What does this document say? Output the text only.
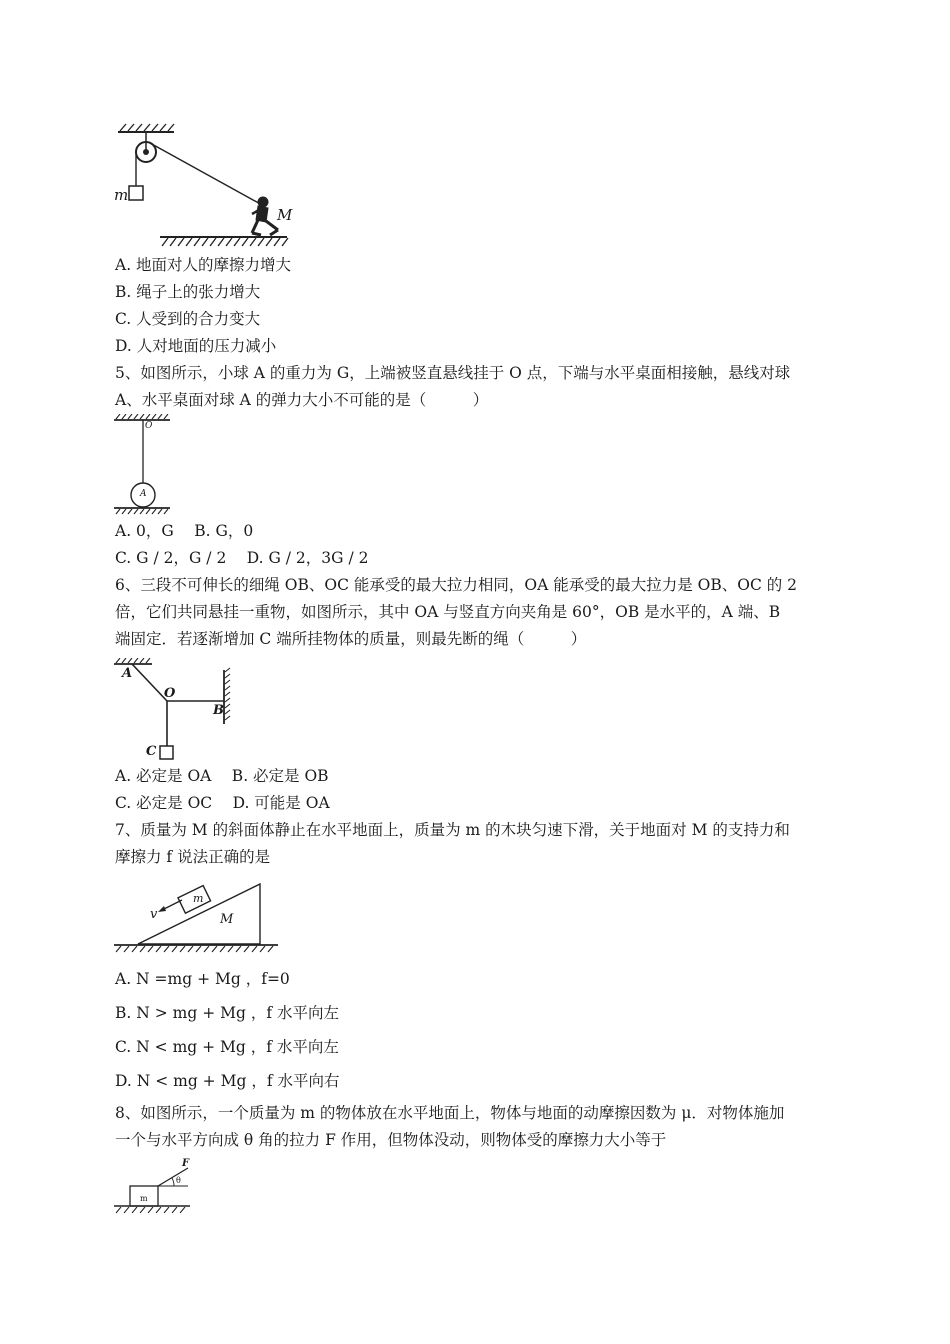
m
M
A. 地面对人的摩擦力增大
B. 绳子上的张力增大
C. 人受到的合力变大
D. 人对地面的压力减小
5、如图所示，小球 A 的重力为 G，上端被竖直悬线挂于 O 点，下端与水平桌面相接触，悬线对球
A、水平桌面对球 A 的弹力大小不可能的是（　　　）
O
A
A. 0，G　 B. G，0
C. G / 2，G / 2　 D. G / 2，3G / 2
6、三段不可伸长的细绳 OB、OC 能承受的最大拉力相同，OA 能承受的最大拉力是 OB、OC 的 2
倍，它们共同悬挂一重物，如图所示，其中 OA 与竖直方向夹角是 60°，OB 是水平的，A 端、B
端固定．若逐渐增加 C 端所挂物体的质量，则最先断的绳（　　　）
A
O
B
C
A. 必定是 OA　 B. 必定是 OB
C. 必定是 OC　 D. 可能是 OA
7、质量为 M 的斜面体静止在水平地面上，质量为 m 的木块匀速下滑，关于地面对 M 的支持力和
摩擦力 f 说法正确的是
v
m
M
A. N =mg + Mg ，f=0
B. N > mg + Mg ，f 水平向左
C. N < mg + Mg ，f 水平向左
D. N < mg + Mg ，f 水平向右
8、如图所示，一个质量为 m 的物体放在水平地面上，物体与地面的动摩擦因数为 μ．对物体施加
一个与水平方向成 θ 角的拉力 F 作用，但物体没动，则物体受的摩擦力大小等于
F
θ
m
